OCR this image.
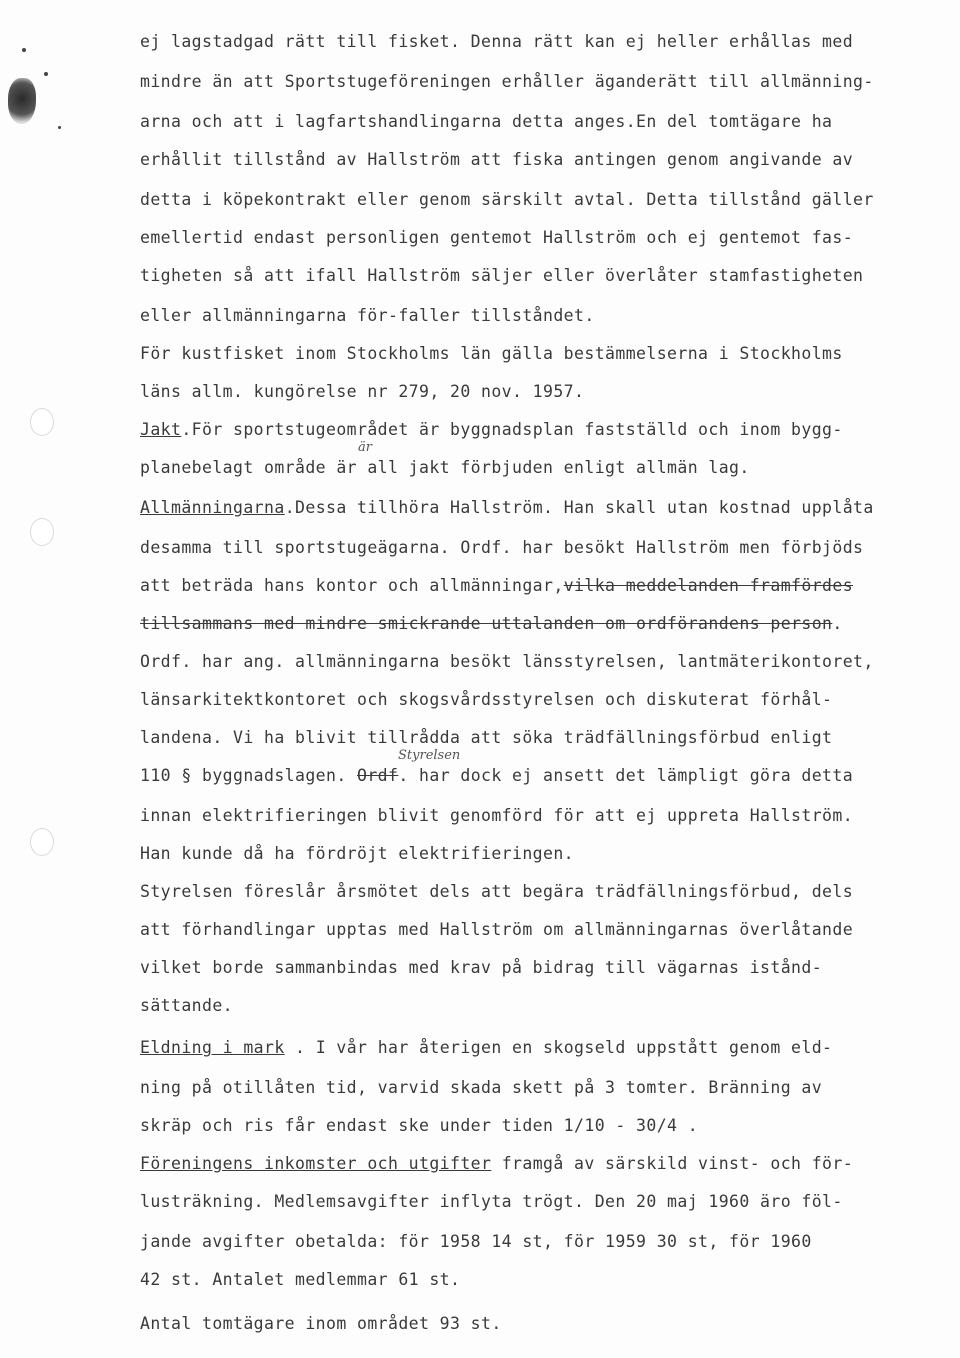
ej lagstadgad rätt till fisket. Denna rätt kan ej heller erhållas med
mindre än att Sportstugeföreningen erhåller äganderätt till allmänning-
arna och att i lagfartshandlingarna detta anges.En del tomtägare ha
erhållit tillstånd av Hallström att fiska antingen genom angivande av
detta i köpekontrakt eller genom särskilt avtal. Detta tillstånd gäller
emellertid endast personligen gentemot Hallström och ej gentemot fas-
tigheten så att ifall Hallström säljer eller överlåter stamfastigheten
eller allmänningarna för-faller tillståndet.
För kustfisket inom Stockholms län gälla bestämmelserna i Stockholms
läns allm. kungörelse nr 279, 20 nov. 1957.
Jakt.För sportstugeområdet är byggnadsplan fastställd och inom bygg-
är
planebelagt område är all jakt förbjuden enligt allmän lag.
Allmänningarna.Dessa tillhöra Hallström. Han skall utan kostnad upplåta
desamma till sportstugeägarna. Ordf. har besökt Hallström men förbjöds
att beträda hans kontor och allmänningar,vilka meddelanden framfördes
tillsammans med mindre smickrande uttalanden om ordförandens person.
Ordf. har ang. allmänningarna besökt länsstyrelsen, lantmäterikontoret,
länsarkitektkontoret och skogsvårdsstyrelsen och diskuterat förhål-
landena. Vi ha blivit tillrådda att söka trädfällningsförbud enligt
Styrelsen
110 § byggnadslagen. Ordf. har dock ej ansett det lämpligt göra detta
innan elektrifieringen blivit genomförd för att ej uppreta Hallström.
Han kunde då ha fördröjt elektrifieringen.
Styrelsen föreslår årsmötet dels att begära trädfällningsförbud, dels
att förhandlingar upptas med Hallström om allmänningarnas överlåtande
vilket borde sammanbindas med krav på bidrag till vägarnas istånd-
sättande.
Eldning i mark . I vår har återigen en skogseld uppstått genom eld-
ning på otillåten tid, varvid skada skett på 3 tomter. Bränning av
skräp och ris får endast ske under tiden 1/10 - 30/4 .
Föreningens inkomster och utgifter framgå av särskild vinst- och för-
lusträkning. Medlemsavgifter inflyta trögt. Den 20 maj 1960 äro föl-
jande avgifter obetalda: för 1958 14 st, för 1959 30 st, för 1960
42 st. Antalet medlemmar 61 st.
Antal tomtägare inom området 93 st.
